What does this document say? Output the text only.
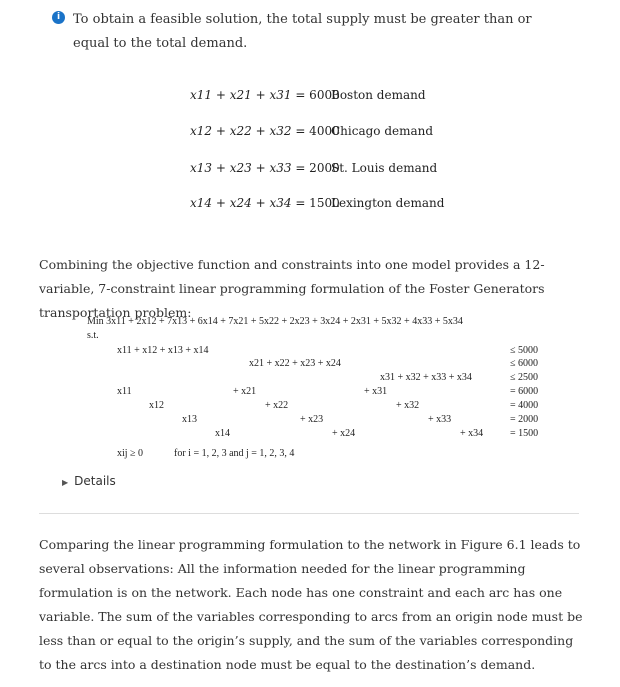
i To obtain a feasible solution, the total supply must be greater than or equal to the total demand.
x11 + x21 + x31 = 6000
Boston demand
x12 + x22 + x32 = 4000
Chicago demand
x13 + x23 + x33 = 2000
St. Louis demand
x14 + x24 + x34 = 1500
Lexington demand
Combining the objective function and constraints into one model provides a 12-variable, 7-constraint linear programming formulation of the Foster Generators transportation problem:
Min 3x11 + 2x12 + 7x13 + 6x14 + 7x21 + 5x22 + 2x23 + 3x24 + 2x31 + 5x32 + 4x33 + 5x34
s.t.
x11 + x12 + x13 + x14	≤ 5000
x21 + x22 + x23 + x24	≤ 6000
x31 + x32 + x33 + x34	≤ 2500
x11	+ x21	+ x31	= 6000
x12	+ x22	+ x32	= 4000
x13	+ x23	+ x33	= 2000
x14	+ x24	+ x34	= 1500
xij ≥ 0	for i = 1, 2, 3 and j = 1, 2, 3, 4
▶ Details
Comparing the linear programming formulation to the network in Figure 6.1 leads to several observations: All the information needed for the linear programming formulation is on the network. Each node has one constraint and each arc has one variable. The sum of the variables corresponding to arcs from an origin node must be less than or equal to the origin’s supply, and the sum of the variables corresponding to the arcs into a destination node must be equal to the destination’s demand.
